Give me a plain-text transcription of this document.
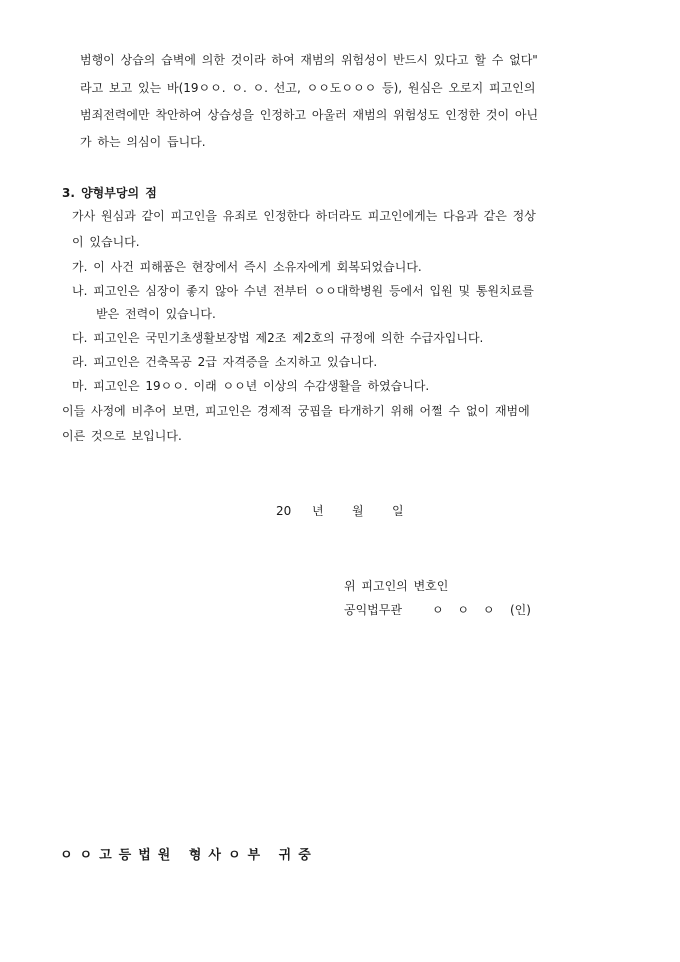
범행이 상습의 습벽에 의한 것이라 하여 재범의 위험성이 반드시 있다고 할 수 없다"
라고 보고 있는 바(19ㅇㅇ. ㅇ. ㅇ. 선고, ㅇㅇ도ㅇㅇㅇ 등), 원심은 오로지 피고인의
범죄전력에만 착안하여 상습성을 인정하고 아울러 재범의 위험성도 인정한 것이 아닌
가 하는 의심이 듭니다.
3. 양형부당의 점
가사 원심과 같이 피고인을 유죄로 인정한다 하더라도 피고인에게는 다음과 같은 정상
이 있습니다.
가. 이 사건 피해품은 현장에서 즉시 소유자에게 회복되었습니다.
나. 피고인은 심장이 좋지 않아 수년 전부터 ㅇㅇ대학병원 등에서 입원 및 통원치료를
받은 전력이 있습니다.
다. 피고인은 국민기초생활보장법 제2조 제2호의 규정에 의한 수급자입니다.
라. 피고인은 건축목공 2급 자격증을 소지하고 있습니다.
마. 피고인은 19ㅇㅇ. 이래 ㅇㅇ년 이상의 수감생활을 하였습니다.
이들 사정에 비추어 보면, 피고인은 경제적 궁핍을 타개하기 위해 어쩔 수 없이 재범에
이른 것으로 보입니다.
20 년 월 일
위 피고인의 변호인
공익법무관	ㅇ ㅇ ㅇ (인)
ㅇㅇ고등법원 형사ㅇ부 귀중
